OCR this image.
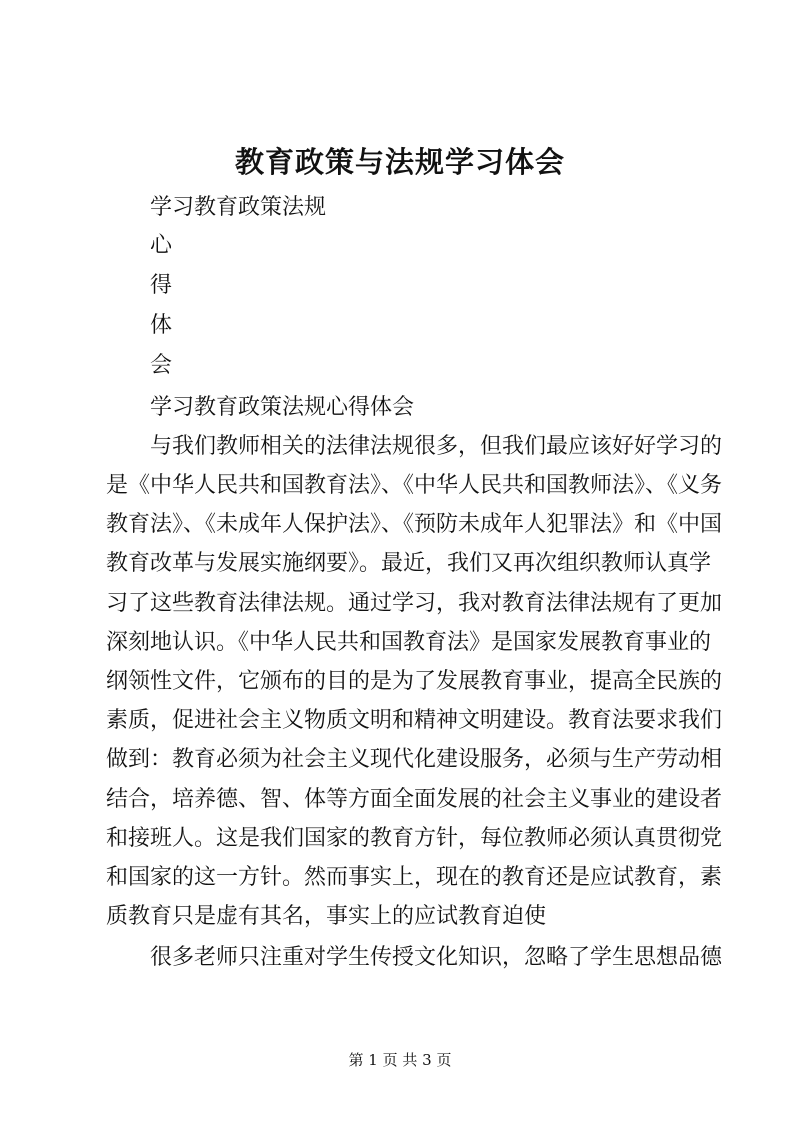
教育政策与法规学习体会
学习教育政策法规
心
得
体
会
学习教育政策法规心得体会
与我们教师相关的法律法规很多，但我们最应该好好学习的
是《中华人民共和国教育法》、《中华人民共和国教师法》、《义务
教育法》、《未成年人保护法》、《预防未成年人犯罪法》和《中国
教育改革与发展实施纲要》。最近，我们又再次组织教师认真学
习了这些教育法律法规。通过学习，我对教育法律法规有了更加
深刻地认识。《中华人民共和国教育法》是国家发展教育事业的
纲领性文件，它颁布的目的是为了发展教育事业，提高全民族的
素质，促进社会主义物质文明和精神文明建设。教育法要求我们
做到：教育必须为社会主义现代化建设服务，必须与生产劳动相
结合，培养德、智、体等方面全面发展的社会主义事业的建设者
和接班人。这是我们国家的教育方针，每位教师必须认真贯彻党
和国家的这一方针。然而事实上，现在的教育还是应试教育，素
质教育只是虚有其名，事实上的应试教育迫使
很多老师只注重对学生传授文化知识，忽略了学生思想品德
第 1 页 共 3 页
